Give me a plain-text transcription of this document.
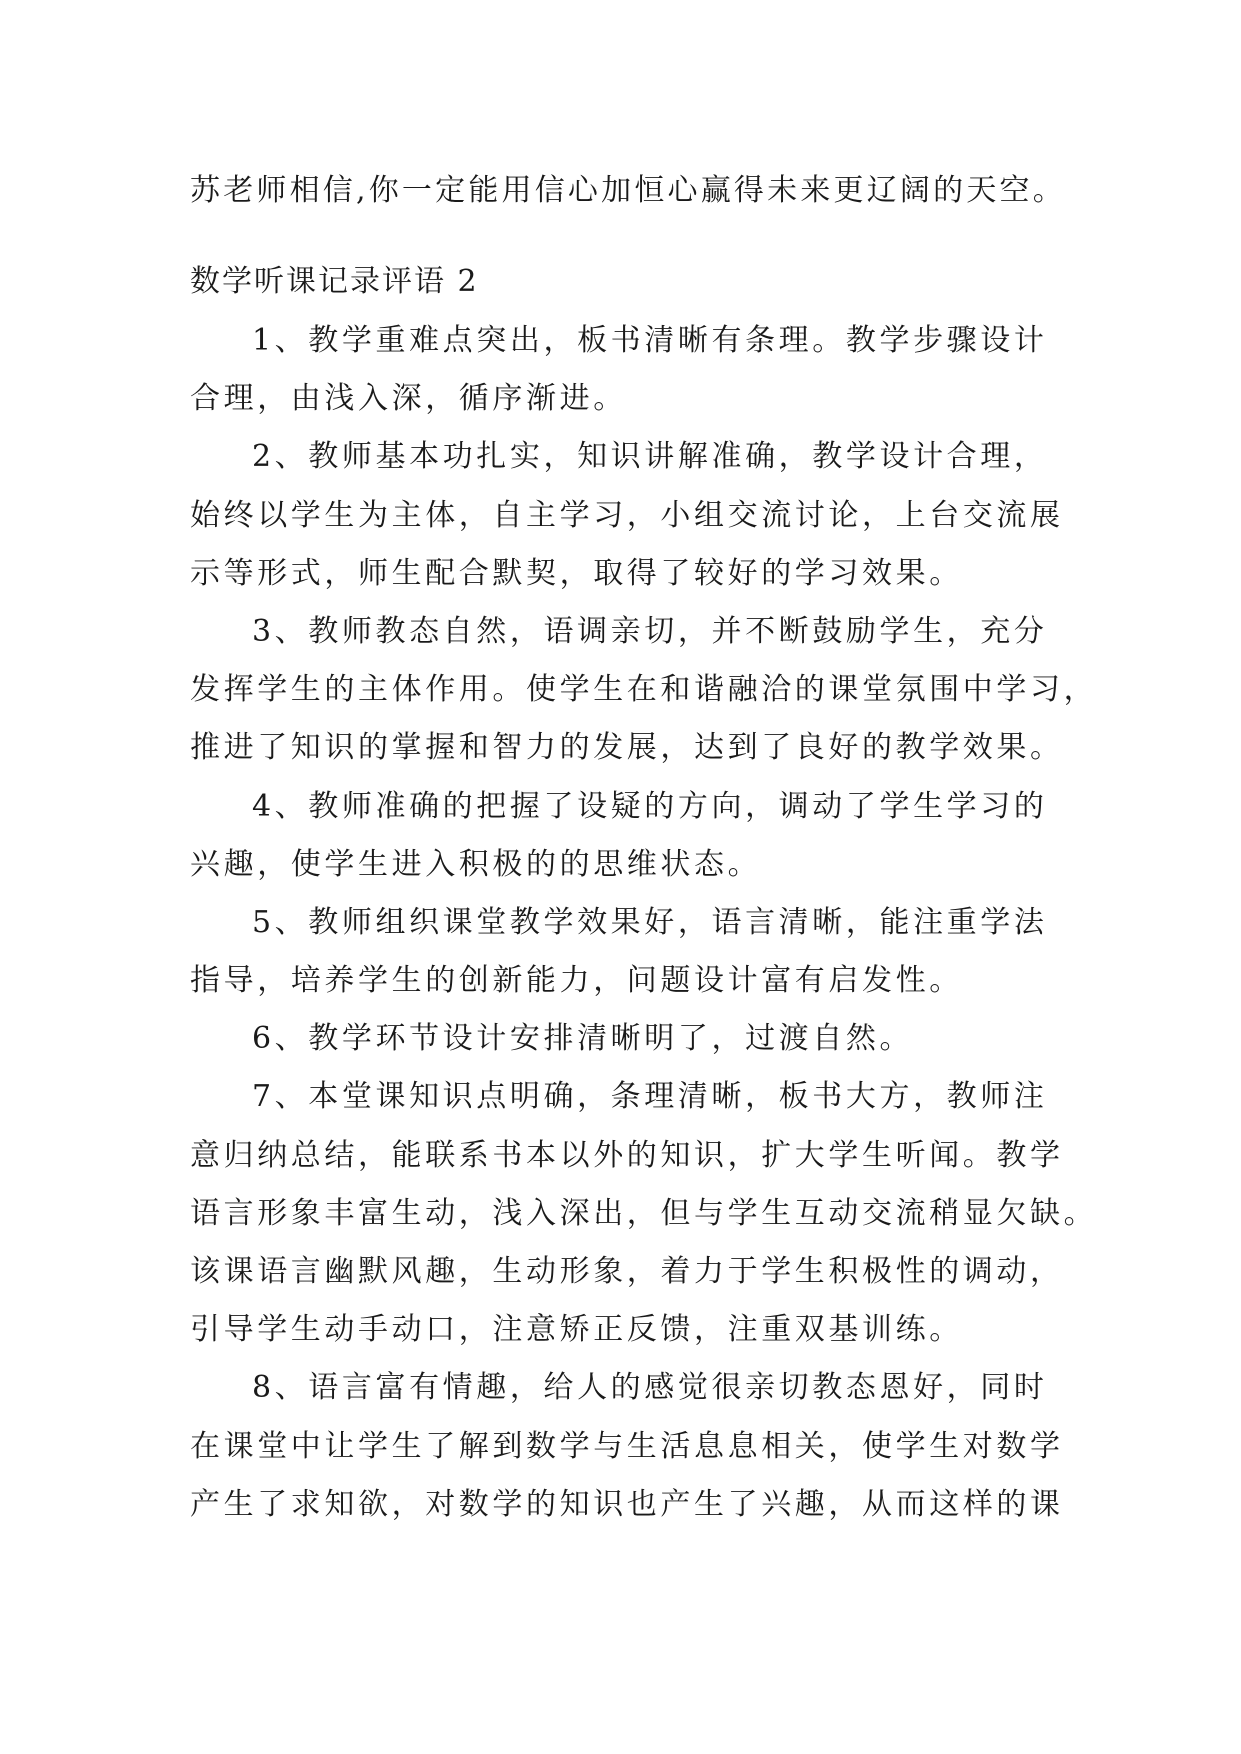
苏老师相信,你一定能用信心加恒心赢得未来更辽阔的天空。

数学听课记录评语 2

1、教学重难点突出，板书清晰有条理。教学步骤设计

合理，由浅入深，循序渐进。

2、教师基本功扎实，知识讲解准确，教学设计合理，

始终以学生为主体，自主学习，小组交流讨论，上台交流展

示等形式，师生配合默契，取得了较好的学习效果。

3、教师教态自然，语调亲切，并不断鼓励学生，充分

发挥学生的主体作用。使学生在和谐融洽的课堂氛围中学习，

推进了知识的掌握和智力的发展，达到了良好的教学效果。

4、教师准确的把握了设疑的方向，调动了学生学习的

兴趣，使学生进入积极的的思维状态。

5、教师组织课堂教学效果好，语言清晰，能注重学法

指导，培养学生的创新能力，问题设计富有启发性。

6、教学环节设计安排清晰明了，过渡自然。

7、本堂课知识点明确，条理清晰，板书大方，教师注

意归纳总结，能联系书本以外的知识，扩大学生听闻。教学

语言形象丰富生动，浅入深出，但与学生互动交流稍显欠缺。

该课语言幽默风趣，生动形象，着力于学生积极性的调动，

引导学生动手动口，注意矫正反馈，注重双基训练。

8、语言富有情趣，给人的感觉很亲切教态恩好，同时

在课堂中让学生了解到数学与生活息息相关，使学生对数学

产生了求知欲，对数学的知识也产生了兴趣，从而这样的课
